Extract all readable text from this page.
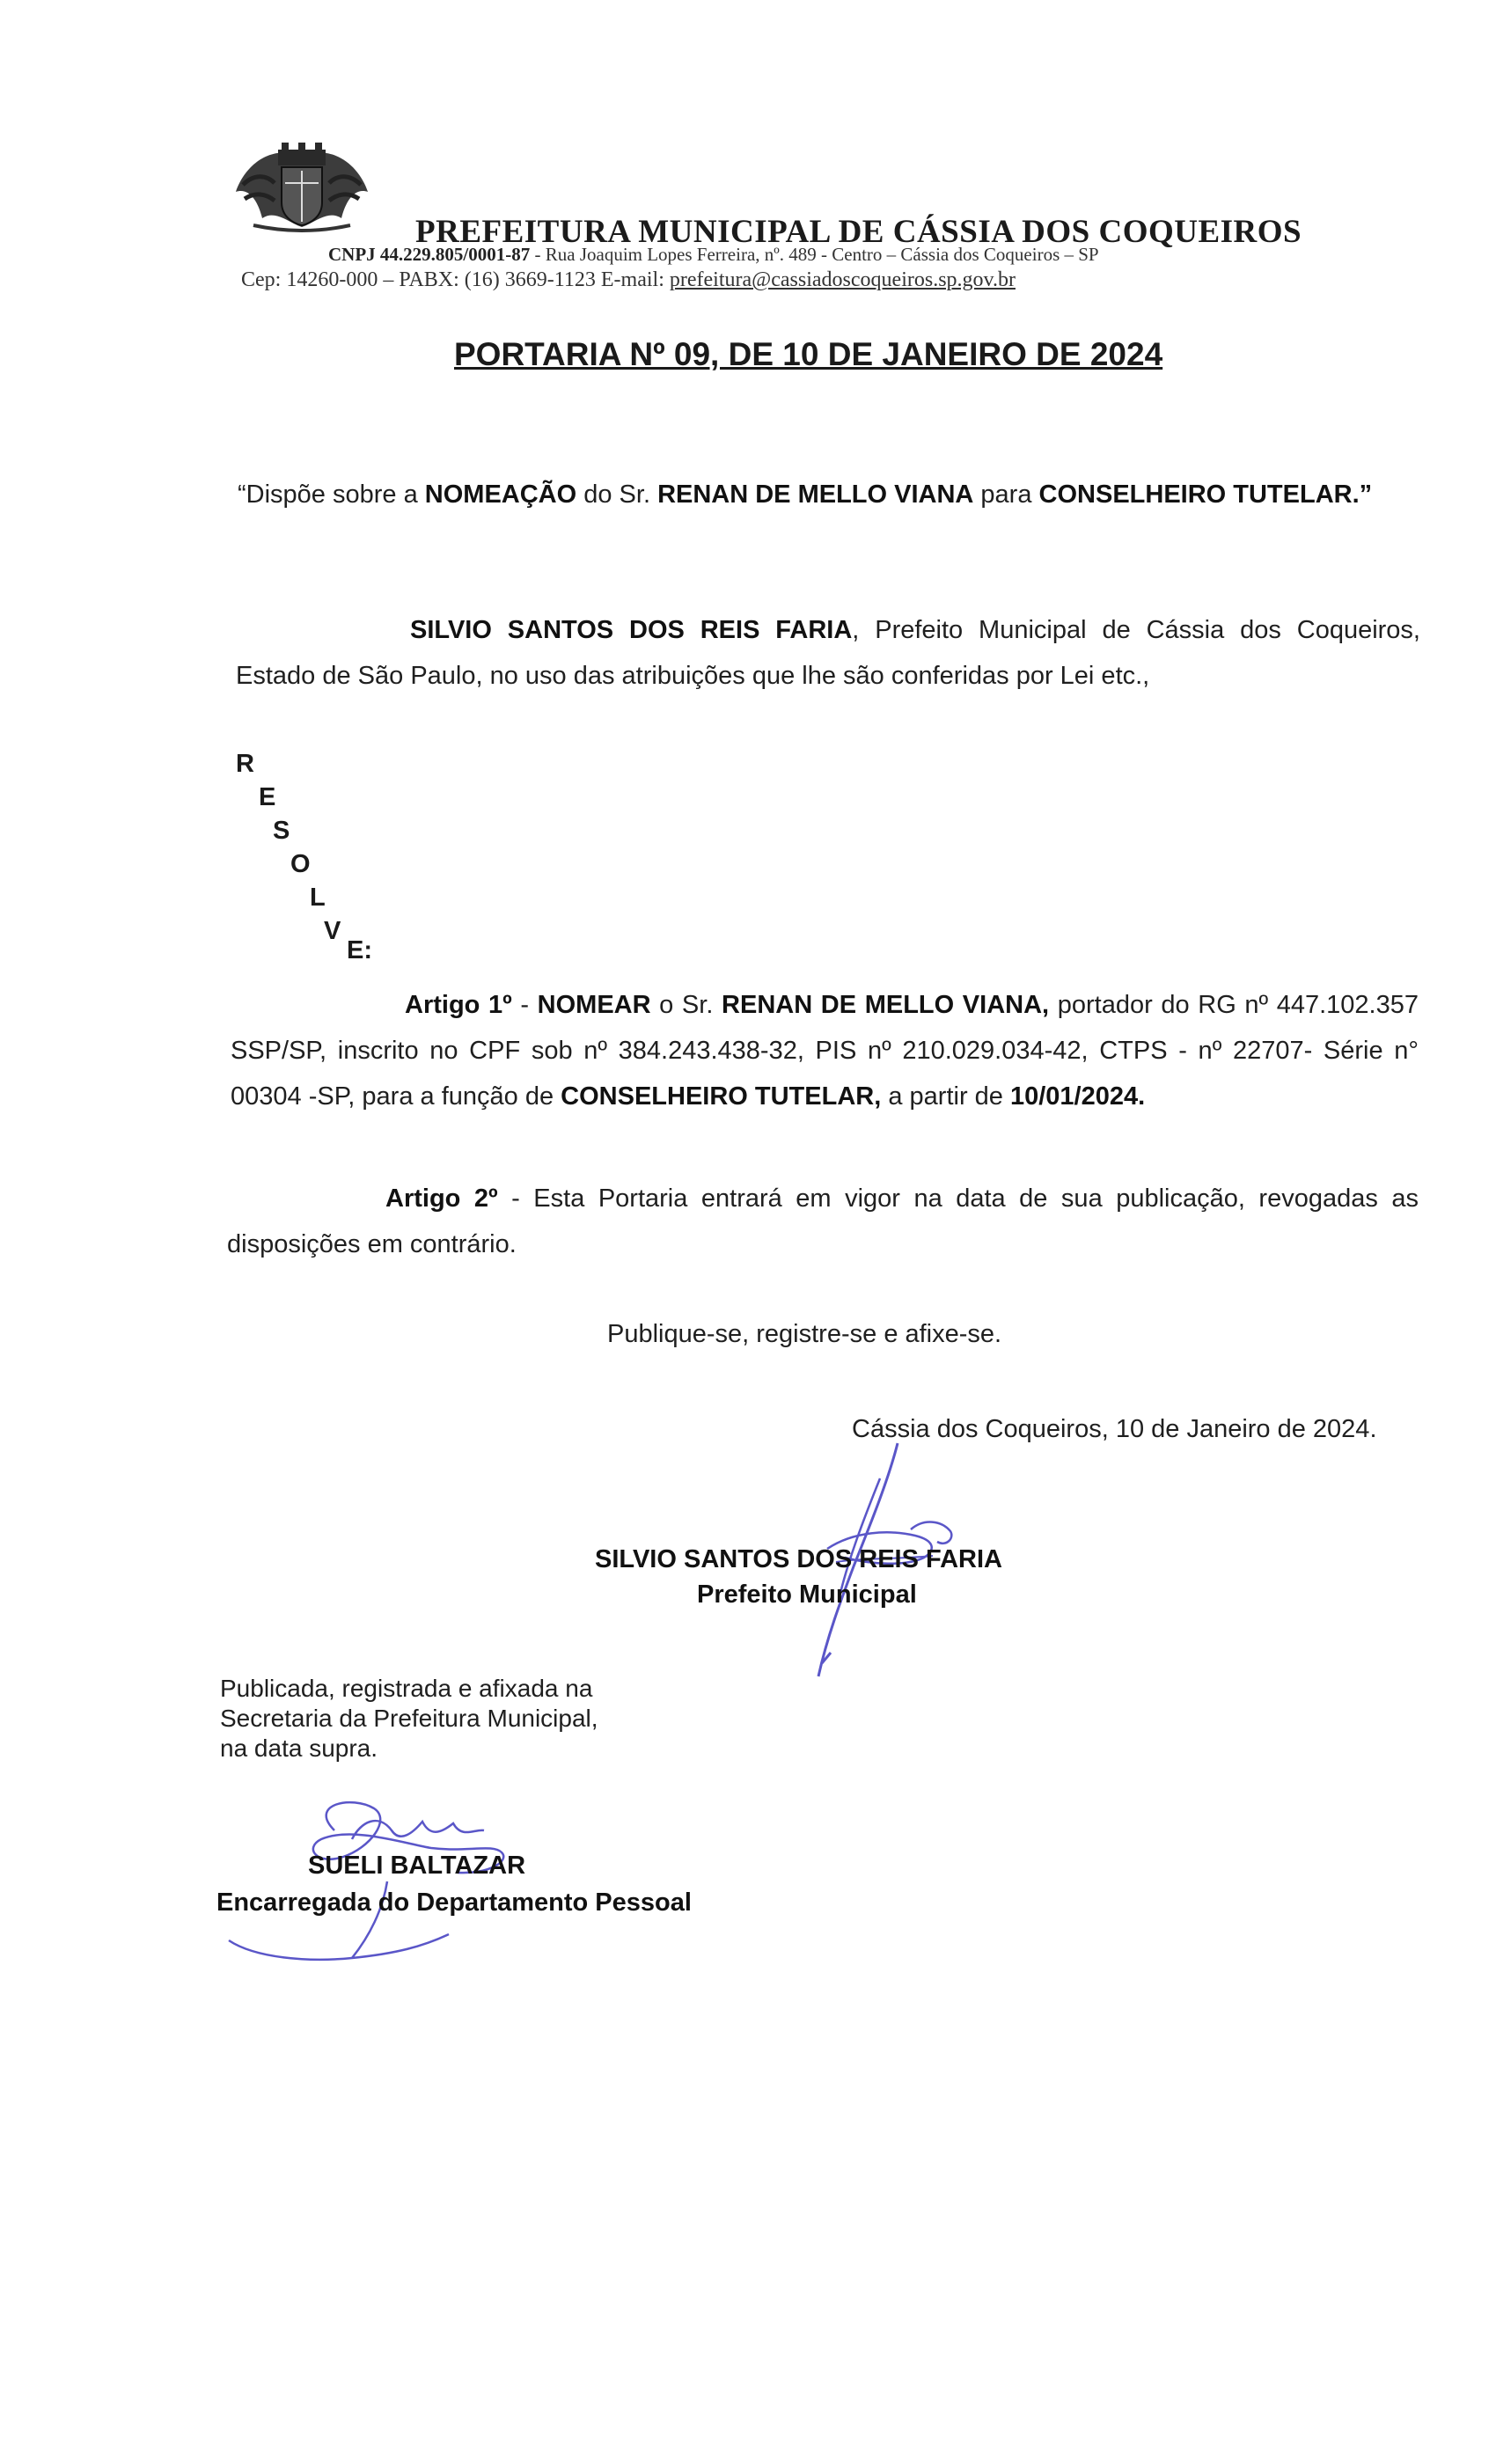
PREFEITURA MUNICIPAL DE CÁSSIA DOS COQUEIROS
CNPJ 44.229.805/0001-87 - Rua Joaquim Lopes Ferreira, nº. 489 - Centro – Cássia dos Coqueiros – SP
Cep: 14260-000 – PABX: (16) 3669-1123 E-mail: prefeitura@cassiadoscoqueiros.sp.gov.br
PORTARIA Nº 09, DE 10 DE JANEIRO DE 2024
“Dispõe sobre a NOMEAÇÃO do Sr. RENAN DE MELLO VIANA para CONSELHEIRO TUTELAR.”
SILVIO SANTOS DOS REIS FARIA, Prefeito Municipal de Cássia dos Coqueiros, Estado de São Paulo, no uso das atribuições que lhe são conferidas por Lei etc.,
R
E
S
O
L
V
E:
Artigo 1º - NOMEAR o Sr. RENAN DE MELLO VIANA, portador do RG nº 447.102.357 SSP/SP, inscrito no CPF sob nº 384.243.438-32, PIS nº 210.029.034-42, CTPS - nº 22707- Série n° 00304 -SP, para a função de CONSELHEIRO TUTELAR, a partir de 10/01/2024.
Artigo 2º - Esta Portaria entrará em vigor na data de sua publicação, revogadas as disposições em contrário.
Publique-se, registre-se e afixe-se.
Cássia dos Coqueiros, 10 de Janeiro de 2024.
SILVIO SANTOS DOS REIS FARIA
Prefeito Municipal
Publicada, registrada e afixada na
Secretaria da Prefeitura Municipal,
na data supra.
SUELI BALTAZAR
Encarregada do Departamento Pessoal
